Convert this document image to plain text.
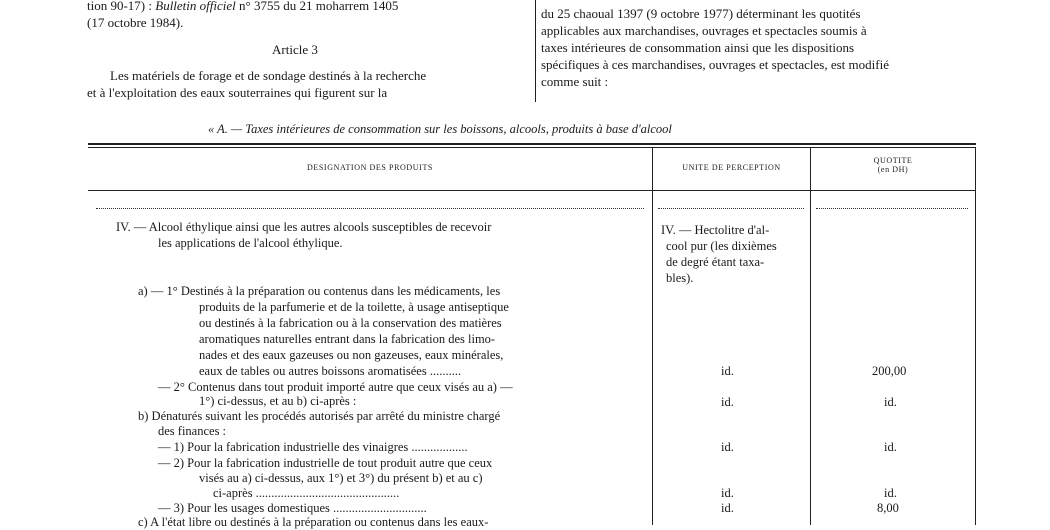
tion 90-17) : Bulletin officiel n° 3755 du 21 moharrem 1405
(17 octobre 1984).
Article 3
Les matériels de forage et de sondage destinés à la recherche
et à l'exploitation des eaux souterraines qui figurent sur la
du 25 chaoual 1397 (9 octobre 1977) déterminant les quotités
applicables aux marchandises, ouvrages et spectacles soumis à
taxes intérieures de consommation ainsi que les dispositions
spécifiques à ces marchandises, ouvrages et spectacles, est modifié
comme suit :
« A. — Taxes intérieures de consommation sur les boissons, alcools, produits à base d'alcool
DESIGNATION DES PRODUITS	UNITE DE PERCEPTION
QUOTITE
(en DH)
IV. — Alcool éthylique ainsi que les autres alcools susceptibles de recevoir
les applications de l'alcool éthylique.
a) — 1° Destinés à la préparation ou contenus dans les médicaments, les
produits de la parfumerie et de la toilette, à usage antiseptique
ou destinés à la fabrication ou à la conservation des matières
aromatiques naturelles entrant dans la fabrication des limo-
nades et des eaux gazeuses ou non gazeuses, eaux minérales,
eaux de tables ou autres boissons aromatisées ..........
— 2° Contenus dans tout produit importé autre que ceux visés au a) —
1°) ci-dessus, et au b) ci-après :
b) Dénaturés suivant les procédés autorisés par arrêté du ministre chargé
des finances :
— 1) Pour la fabrication industrielle des vinaigres ..................
— 2) Pour la fabrication industrielle de tout produit autre que ceux
visés au a) ci-dessus, aux 1°) et 3°) du présent b) et au c)
ci-après ..............................................
— 3) Pour les usages domestiques ..............................
c) A l'état libre ou destinés à la préparation ou contenus dans les eaux-
IV. — Hectolitre d'al-
cool pur (les dixièmes
de degré étant taxa-
bles).
id.
id.
id.
id.
id.
200,00
id.
id.
id.
8,00
